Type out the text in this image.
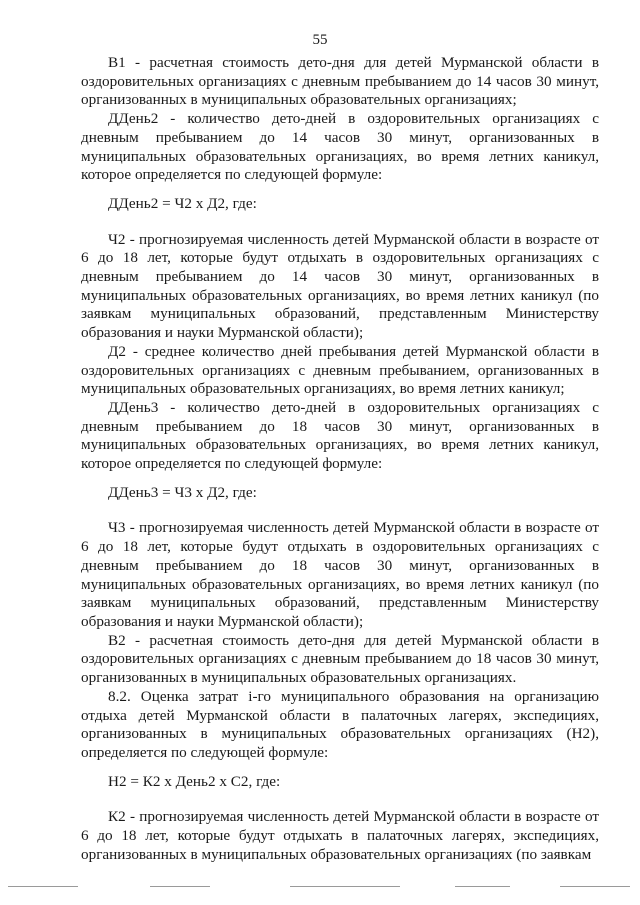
55

В1 - расчетная стоимость дето-дня для детей Мурманской области в оздоровительных организациях с дневным пребыванием до 14 часов 30 минут, организованных в муниципальных образовательных организациях;

ДДень2 - количество дето-дней в оздоровительных организациях с дневным пребыванием до 14 часов 30 минут, организованных в муниципальных образовательных организациях, во время летних каникул, которое определяется по следующей формуле:

ДДень2 = Ч2 х Д2, где:

Ч2 - прогнозируемая численность детей Мурманской области в возрасте от 6 до 18 лет, которые будут отдыхать в оздоровительных организациях с дневным пребыванием до 14 часов 30 минут, организованных в муниципальных образовательных организациях, во время летних каникул (по заявкам муниципальных образований, представленным Министерству образования и науки Мурманской области);

Д2 - среднее количество дней пребывания детей Мурманской области в оздоровительных организациях с дневным пребыванием, организованных в муниципальных образовательных организациях, во время летних каникул;

ДДень3 - количество дето-дней в оздоровительных организациях с дневным пребыванием до 18 часов 30 минут, организованных в муниципальных образовательных организациях, во время летних каникул, которое определяется по следующей формуле:

ДДень3 = Ч3 х Д2, где:

Ч3 - прогнозируемая численность детей Мурманской области в возрасте от 6 до 18 лет, которые будут отдыхать в оздоровительных организациях с дневным пребыванием до 18 часов 30 минут, организованных в муниципальных образовательных организациях, во время летних каникул (по заявкам муниципальных образований, представленным Министерству образования и науки Мурманской области);

В2 - расчетная стоимость дето-дня для детей Мурманской области в оздоровительных организациях с дневным пребыванием до 18 часов 30 минут, организованных в муниципальных образовательных организациях.

8.2. Оценка затрат i-го муниципального образования на организацию отдыха детей Мурманской области в палаточных лагерях, экспедициях, организованных в муниципальных образовательных организациях (Н2), определяется по следующей формуле:

Н2 = К2 х День2 х С2, где:

К2 - прогнозируемая численность детей Мурманской области в возрасте от 6 до 18 лет, которые будут отдыхать в палаточных лагерях, экспедициях, организованных в муниципальных образовательных организациях (по заявкам
